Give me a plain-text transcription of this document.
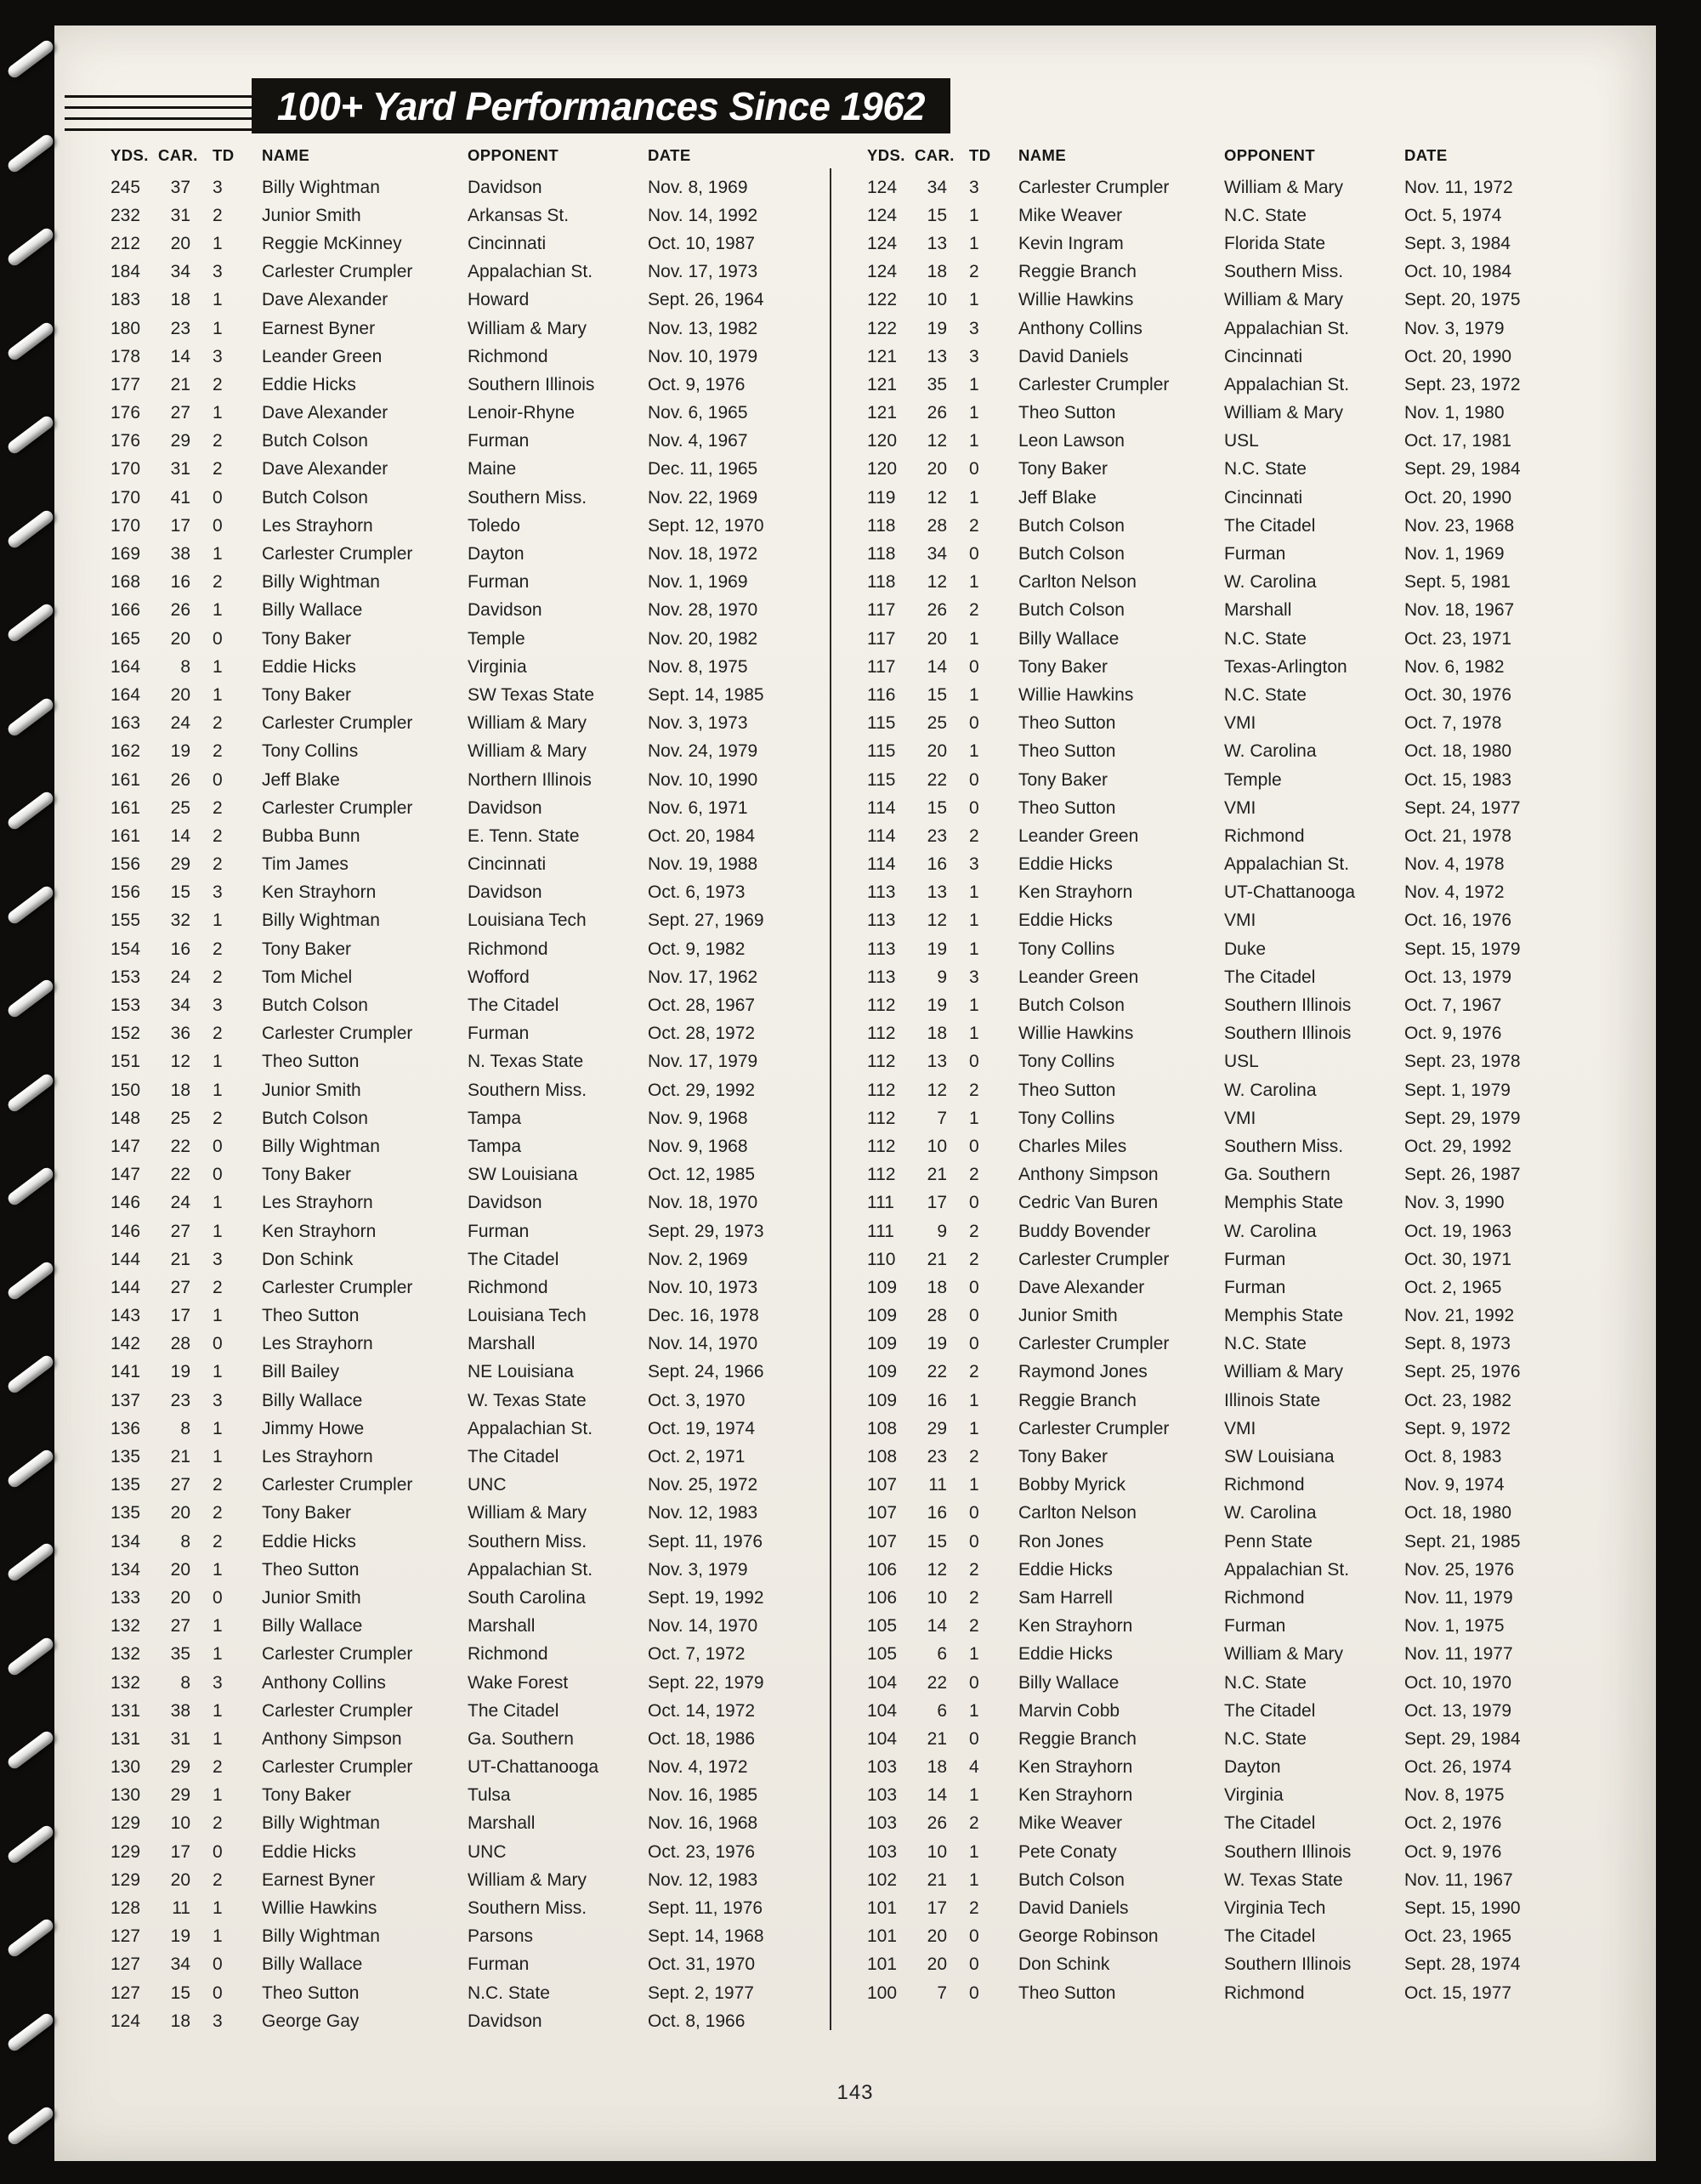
100+ Yard Performances Since 1962
YDS.	CAR.	TD	NAME	OPPONENT	DATE
245	37	3	Billy Wightman	Davidson	Nov. 8, 1969
232	31	2	Junior Smith	Arkansas St.	Nov. 14, 1992
212	20	1	Reggie McKinney	Cincinnati	Oct. 10, 1987
184	34	3	Carlester Crumpler	Appalachian St.	Nov. 17, 1973
183	18	1	Dave Alexander	Howard	Sept. 26, 1964
180	23	1	Earnest Byner	William & Mary	Nov. 13, 1982
178	14	3	Leander Green	Richmond	Nov. 10, 1979
177	21	2	Eddie Hicks	Southern Illinois	Oct. 9, 1976
176	27	1	Dave Alexander	Lenoir-Rhyne	Nov. 6, 1965
176	29	2	Butch Colson	Furman	Nov. 4, 1967
170	31	2	Dave Alexander	Maine	Dec. 11, 1965
170	41	0	Butch Colson	Southern Miss.	Nov. 22, 1969
170	17	0	Les Strayhorn	Toledo	Sept. 12, 1970
169	38	1	Carlester Crumpler	Dayton	Nov. 18, 1972
168	16	2	Billy Wightman	Furman	Nov. 1, 1969
166	26	1	Billy Wallace	Davidson	Nov. 28, 1970
165	20	0	Tony Baker	Temple	Nov. 20, 1982
164	8	1	Eddie Hicks	Virginia	Nov. 8, 1975
164	20	1	Tony Baker	SW Texas State	Sept. 14, 1985
163	24	2	Carlester Crumpler	William & Mary	Nov. 3, 1973
162	19	2	Tony Collins	William & Mary	Nov. 24, 1979
161	26	0	Jeff Blake	Northern Illinois	Nov. 10, 1990
161	25	2	Carlester Crumpler	Davidson	Nov. 6, 1971
161	14	2	Bubba Bunn	E. Tenn. State	Oct. 20, 1984
156	29	2	Tim James	Cincinnati	Nov. 19, 1988
156	15	3	Ken Strayhorn	Davidson	Oct. 6, 1973
155	32	1	Billy Wightman	Louisiana Tech	Sept. 27, 1969
154	16	2	Tony Baker	Richmond	Oct. 9, 1982
153	24	2	Tom Michel	Wofford	Nov. 17, 1962
153	34	3	Butch Colson	The Citadel	Oct. 28, 1967
152	36	2	Carlester Crumpler	Furman	Oct. 28, 1972
151	12	1	Theo Sutton	N. Texas State	Nov. 17, 1979
150	18	1	Junior Smith	Southern Miss.	Oct. 29, 1992
148	25	2	Butch Colson	Tampa	Nov. 9, 1968
147	22	0	Billy Wightman	Tampa	Nov. 9, 1968
147	22	0	Tony Baker	SW Louisiana	Oct. 12, 1985
146	24	1	Les Strayhorn	Davidson	Nov. 18, 1970
146	27	1	Ken Strayhorn	Furman	Sept. 29, 1973
144	21	3	Don Schink	The Citadel	Nov. 2, 1969
144	27	2	Carlester Crumpler	Richmond	Nov. 10, 1973
143	17	1	Theo Sutton	Louisiana Tech	Dec. 16, 1978
142	28	0	Les Strayhorn	Marshall	Nov. 14, 1970
141	19	1	Bill Bailey	NE Louisiana	Sept. 24, 1966
137	23	3	Billy Wallace	W. Texas State	Oct. 3, 1970
136	8	1	Jimmy Howe	Appalachian St.	Oct. 19, 1974
135	21	1	Les Strayhorn	The Citadel	Oct. 2, 1971
135	27	2	Carlester Crumpler	UNC	Nov. 25, 1972
135	20	2	Tony Baker	William & Mary	Nov. 12, 1983
134	8	2	Eddie Hicks	Southern Miss.	Sept. 11, 1976
134	20	1	Theo Sutton	Appalachian St.	Nov. 3, 1979
133	20	0	Junior Smith	South Carolina	Sept. 19, 1992
132	27	1	Billy Wallace	Marshall	Nov. 14, 1970
132	35	1	Carlester Crumpler	Richmond	Oct. 7, 1972
132	8	3	Anthony Collins	Wake Forest	Sept. 22, 1979
131	38	1	Carlester Crumpler	The Citadel	Oct. 14, 1972
131	31	1	Anthony Simpson	Ga. Southern	Oct. 18, 1986
130	29	2	Carlester Crumpler	UT-Chattanooga	Nov. 4, 1972
130	29	1	Tony Baker	Tulsa	Nov. 16, 1985
129	10	2	Billy Wightman	Marshall	Nov. 16, 1968
129	17	0	Eddie Hicks	UNC	Oct. 23, 1976
129	20	2	Earnest Byner	William & Mary	Nov. 12, 1983
128	11	1	Willie Hawkins	Southern Miss.	Sept. 11, 1976
127	19	1	Billy Wightman	Parsons	Sept. 14, 1968
127	34	0	Billy Wallace	Furman	Oct. 31, 1970
127	15	0	Theo Sutton	N.C. State	Sept. 2, 1977
124	18	3	George Gay	Davidson	Oct. 8, 1966
YDS.	CAR.	TD	NAME	OPPONENT	DATE
124	34	3	Carlester Crumpler	William & Mary	Nov. 11, 1972
124	15	1	Mike Weaver	N.C. State	Oct. 5, 1974
124	13	1	Kevin Ingram	Florida State	Sept. 3, 1984
124	18	2	Reggie Branch	Southern Miss.	Oct. 10, 1984
122	10	1	Willie Hawkins	William & Mary	Sept. 20, 1975
122	19	3	Anthony Collins	Appalachian St.	Nov. 3, 1979
121	13	3	David Daniels	Cincinnati	Oct. 20, 1990
121	35	1	Carlester Crumpler	Appalachian St.	Sept. 23, 1972
121	26	1	Theo Sutton	William & Mary	Nov. 1, 1980
120	12	1	Leon Lawson	USL	Oct. 17, 1981
120	20	0	Tony Baker	N.C. State	Sept. 29, 1984
119	12	1	Jeff Blake	Cincinnati	Oct. 20, 1990
118	28	2	Butch Colson	The Citadel	Nov. 23, 1968
118	34	0	Butch Colson	Furman	Nov. 1, 1969
118	12	1	Carlton Nelson	W. Carolina	Sept. 5, 1981
117	26	2	Butch Colson	Marshall	Nov. 18, 1967
117	20	1	Billy Wallace	N.C. State	Oct. 23, 1971
117	14	0	Tony Baker	Texas-Arlington	Nov. 6, 1982
116	15	1	Willie Hawkins	N.C. State	Oct. 30, 1976
115	25	0	Theo Sutton	VMI	Oct. 7, 1978
115	20	1	Theo Sutton	W. Carolina	Oct. 18, 1980
115	22	0	Tony Baker	Temple	Oct. 15, 1983
114	15	0	Theo Sutton	VMI	Sept. 24, 1977
114	23	2	Leander Green	Richmond	Oct. 21, 1978
114	16	3	Eddie Hicks	Appalachian St.	Nov. 4, 1978
113	13	1	Ken Strayhorn	UT-Chattanooga	Nov. 4, 1972
113	12	1	Eddie Hicks	VMI	Oct. 16, 1976
113	19	1	Tony Collins	Duke	Sept. 15, 1979
113	9	3	Leander Green	The Citadel	Oct. 13, 1979
112	19	1	Butch Colson	Southern Illinois	Oct. 7, 1967
112	18	1	Willie Hawkins	Southern Illinois	Oct. 9, 1976
112	13	0	Tony Collins	USL	Sept. 23, 1978
112	12	2	Theo Sutton	W. Carolina	Sept. 1, 1979
112	7	1	Tony Collins	VMI	Sept. 29, 1979
112	10	0	Charles Miles	Southern Miss.	Oct. 29, 1992
112	21	2	Anthony Simpson	Ga. Southern	Sept. 26, 1987
111	17	0	Cedric Van Buren	Memphis State	Nov. 3, 1990
111	9	2	Buddy Bovender	W. Carolina	Oct. 19, 1963
110	21	2	Carlester Crumpler	Furman	Oct. 30, 1971
109	18	0	Dave Alexander	Furman	Oct. 2, 1965
109	28	0	Junior Smith	Memphis State	Nov. 21, 1992
109	19	0	Carlester Crumpler	N.C. State	Sept. 8, 1973
109	22	2	Raymond Jones	William & Mary	Sept. 25, 1976
109	16	1	Reggie Branch	Illinois State	Oct. 23, 1982
108	29	1	Carlester Crumpler	VMI	Sept. 9, 1972
108	23	2	Tony Baker	SW Louisiana	Oct. 8, 1983
107	11	1	Bobby Myrick	Richmond	Nov. 9, 1974
107	16	0	Carlton Nelson	W. Carolina	Oct. 18, 1980
107	15	0	Ron Jones	Penn State	Sept. 21, 1985
106	12	2	Eddie Hicks	Appalachian St.	Nov. 25, 1976
106	10	2	Sam Harrell	Richmond	Nov. 11, 1979
105	14	2	Ken Strayhorn	Furman	Nov. 1, 1975
105	6	1	Eddie Hicks	William & Mary	Nov. 11, 1977
104	22	0	Billy Wallace	N.C. State	Oct. 10, 1970
104	6	1	Marvin Cobb	The Citadel	Oct. 13, 1979
104	21	0	Reggie Branch	N.C. State	Sept. 29, 1984
103	18	4	Ken Strayhorn	Dayton	Oct. 26, 1974
103	14	1	Ken Strayhorn	Virginia	Nov. 8, 1975
103	26	2	Mike Weaver	The Citadel	Oct. 2, 1976
103	10	1	Pete Conaty	Southern Illinois	Oct. 9, 1976
102	21	1	Butch Colson	W. Texas State	Nov. 11, 1967
101	17	2	David Daniels	Virginia Tech	Sept. 15, 1990
101	20	0	George Robinson	The Citadel	Oct. 23, 1965
101	20	0	Don Schink	Southern Illinois	Sept. 28, 1974
100	7	0	Theo Sutton	Richmond	Oct. 15, 1977
143
